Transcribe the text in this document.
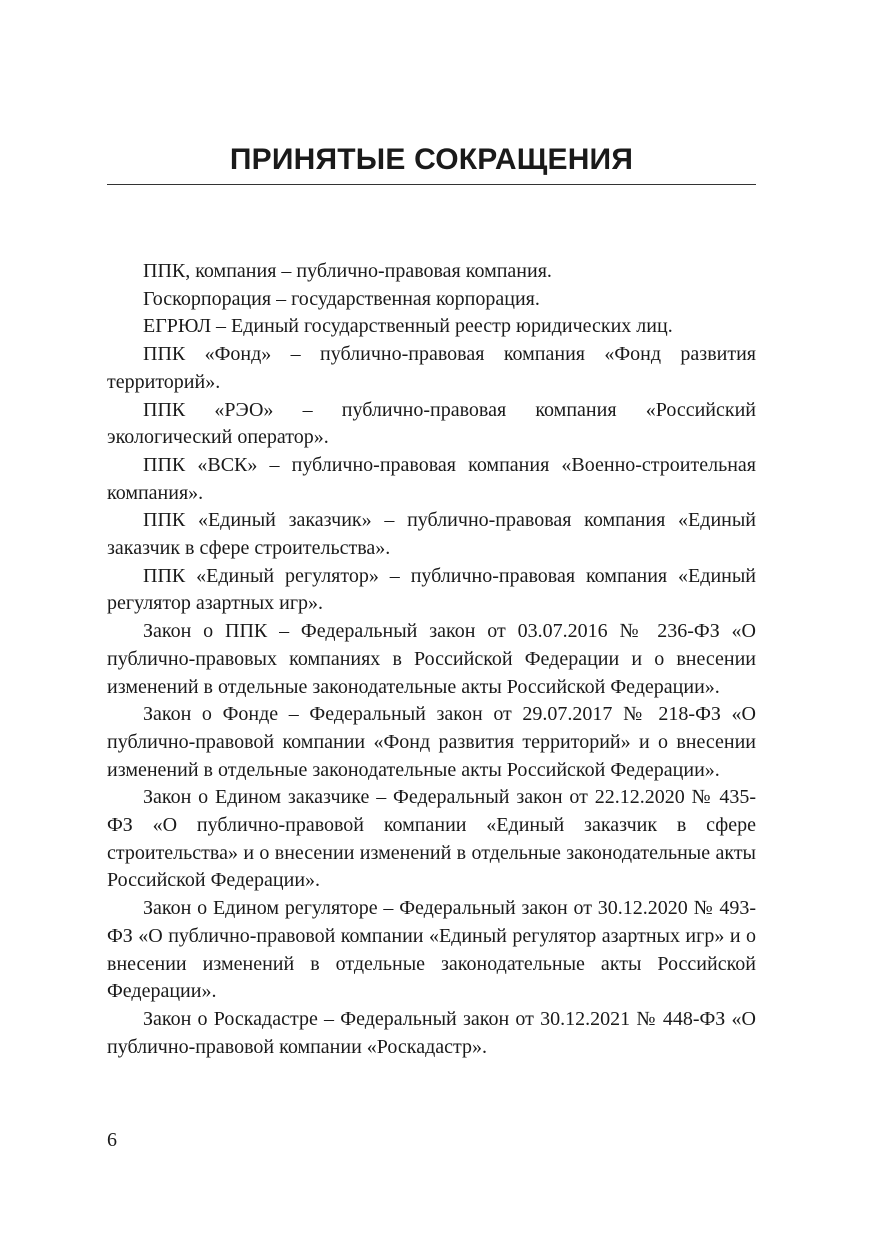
ПРИНЯТЫЕ СОКРАЩЕНИЯ

ППК, компания – публично-правовая компания.

Госкорпорация – государственная корпорация.

ЕГРЮЛ – Единый государственный реестр юридических лиц.

ППК «Фонд» – публично-правовая компания «Фонд развития территорий».

ППК «РЭО» – публично-правовая компания «Российский экологический оператор».

ППК «ВСК» – публично-правовая компания «Военно-строительная компания».

ППК «Единый заказчик» – публично-правовая компания «Единый заказчик в сфере строительства».

ППК «Единый регулятор» – публично-правовая компания «Единый регулятор азартных игр».

Закон о ППК – Федеральный закон от 03.07.2016 № 236-ФЗ «О публично-правовых компаниях в Российской Федерации и о внесении изменений в отдельные законодательные акты Российской Федерации».

Закон о Фонде – Федеральный закон от 29.07.2017 № 218-ФЗ «О публично-правовой компании «Фонд развития территорий» и о внесении изменений в отдельные законодательные акты Российской Федерации».

Закон о Едином заказчике – Федеральный закон от 22.12.2020 № 435-ФЗ «О публично-правовой компании «Единый заказчик в сфере строительства» и о внесении изменений в отдельные законодательные акты Российской Федерации».

Закон о Едином регуляторе – Федеральный закон от 30.12.2020 № 493-ФЗ «О публично-правовой компании «Единый регулятор азартных игр» и о внесении изменений в отдельные законодательные акты Российской Федерации».

Закон о Роскадастре – Федеральный закон от 30.12.2021 № 448-ФЗ «О публично-правовой компании «Роскадастр».

6
